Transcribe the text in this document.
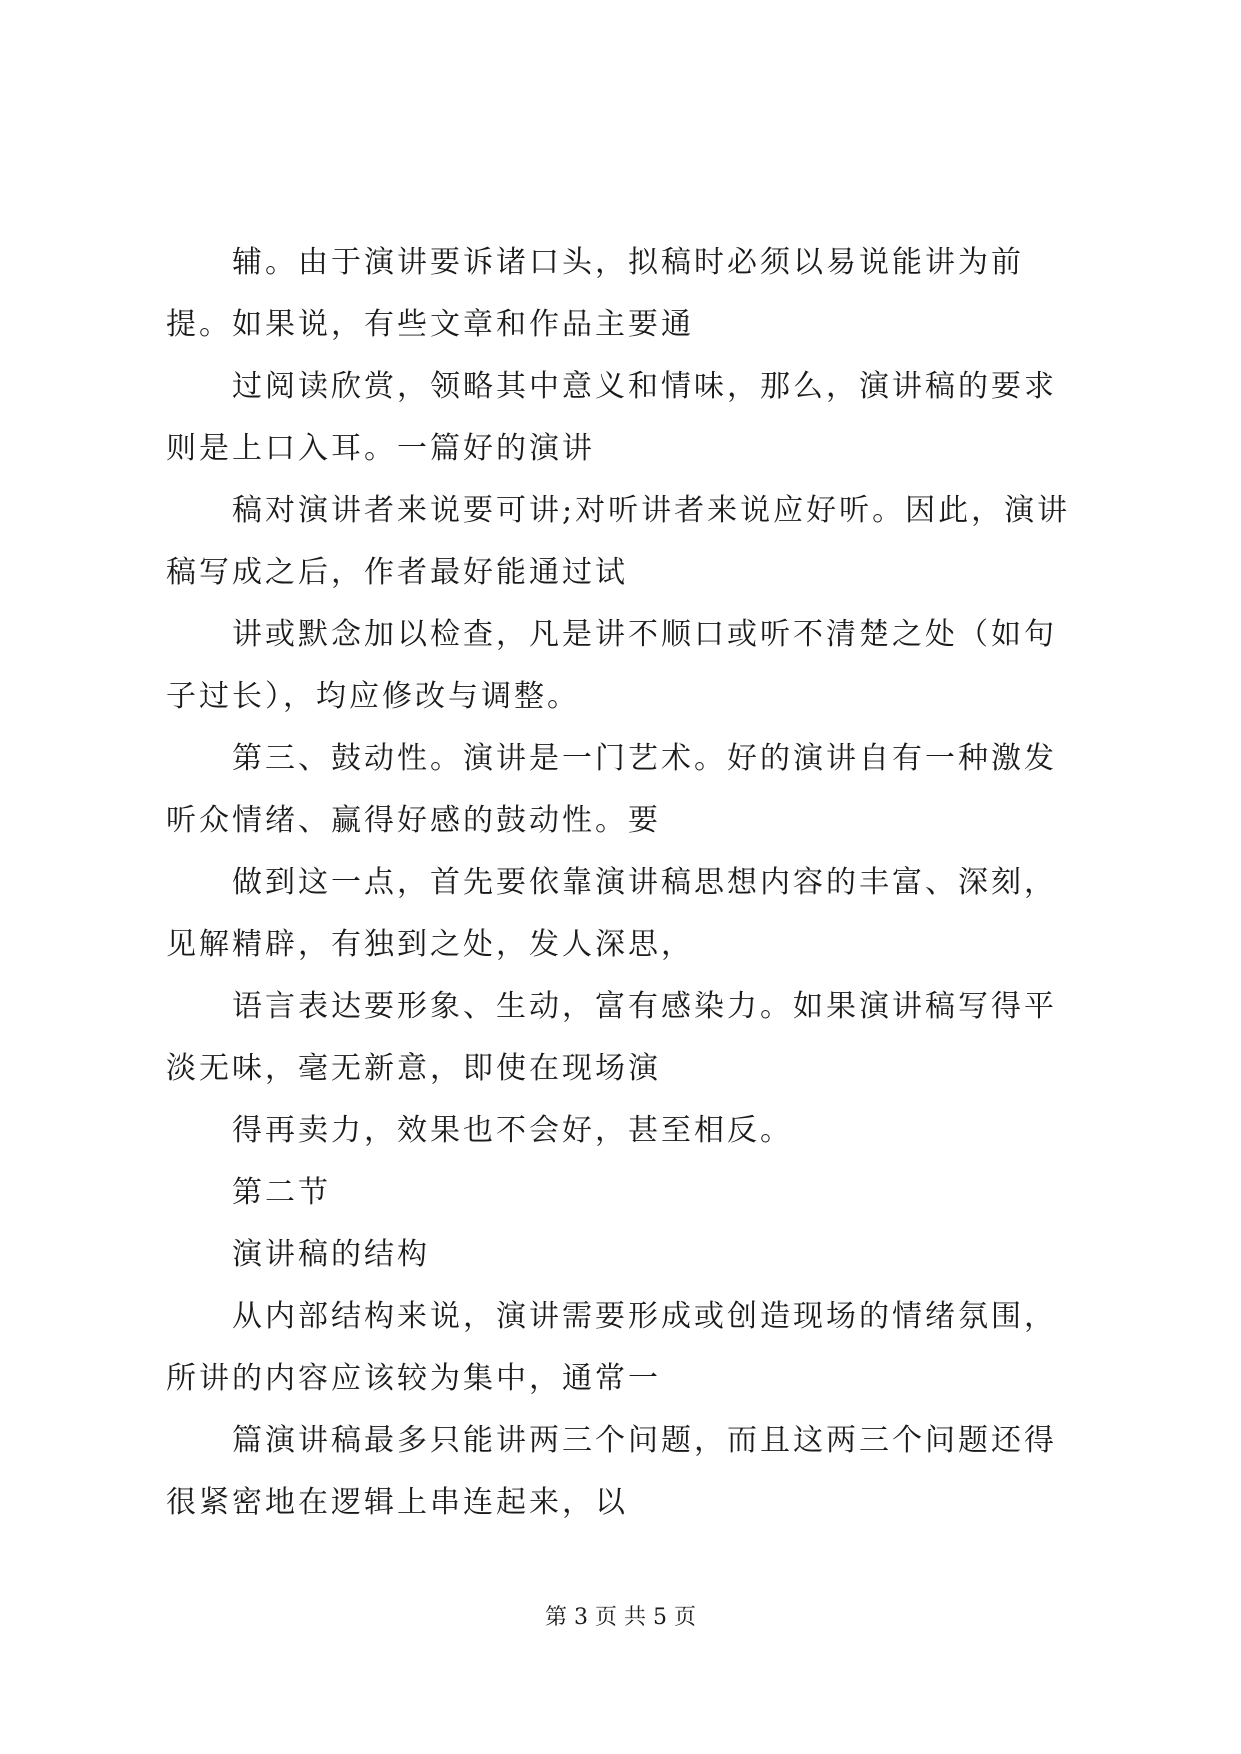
辅。由于演讲要诉诸口头，拟稿时必须以易说能讲为前提。如果说，有些文章和作品主要通

过阅读欣赏，领略其中意义和情味，那么，演讲稿的要求则是上口入耳。一篇好的演讲

稿对演讲者来说要可讲;对听讲者来说应好听。因此，演讲稿写成之后，作者最好能通过试

讲或默念加以检查，凡是讲不顺口或听不清楚之处（如句子过长），均应修改与调整。

第三、鼓动性。演讲是一门艺术。好的演讲自有一种激发听众情绪、赢得好感的鼓动性。要

做到这一点，首先要依靠演讲稿思想内容的丰富、深刻，见解精辟，有独到之处，发人深思，

语言表达要形象、生动，富有感染力。如果演讲稿写得平淡无味，毫无新意，即使在现场演

得再卖力，效果也不会好，甚至相反。

第二节

演讲稿的结构

从内部结构来说，演讲需要形成或创造现场的情绪氛围，所讲的内容应该较为集中，通常一

篇演讲稿最多只能讲两三个问题，而且这两三个问题还得很紧密地在逻辑上串连起来，以

第 3 页 共 5 页
